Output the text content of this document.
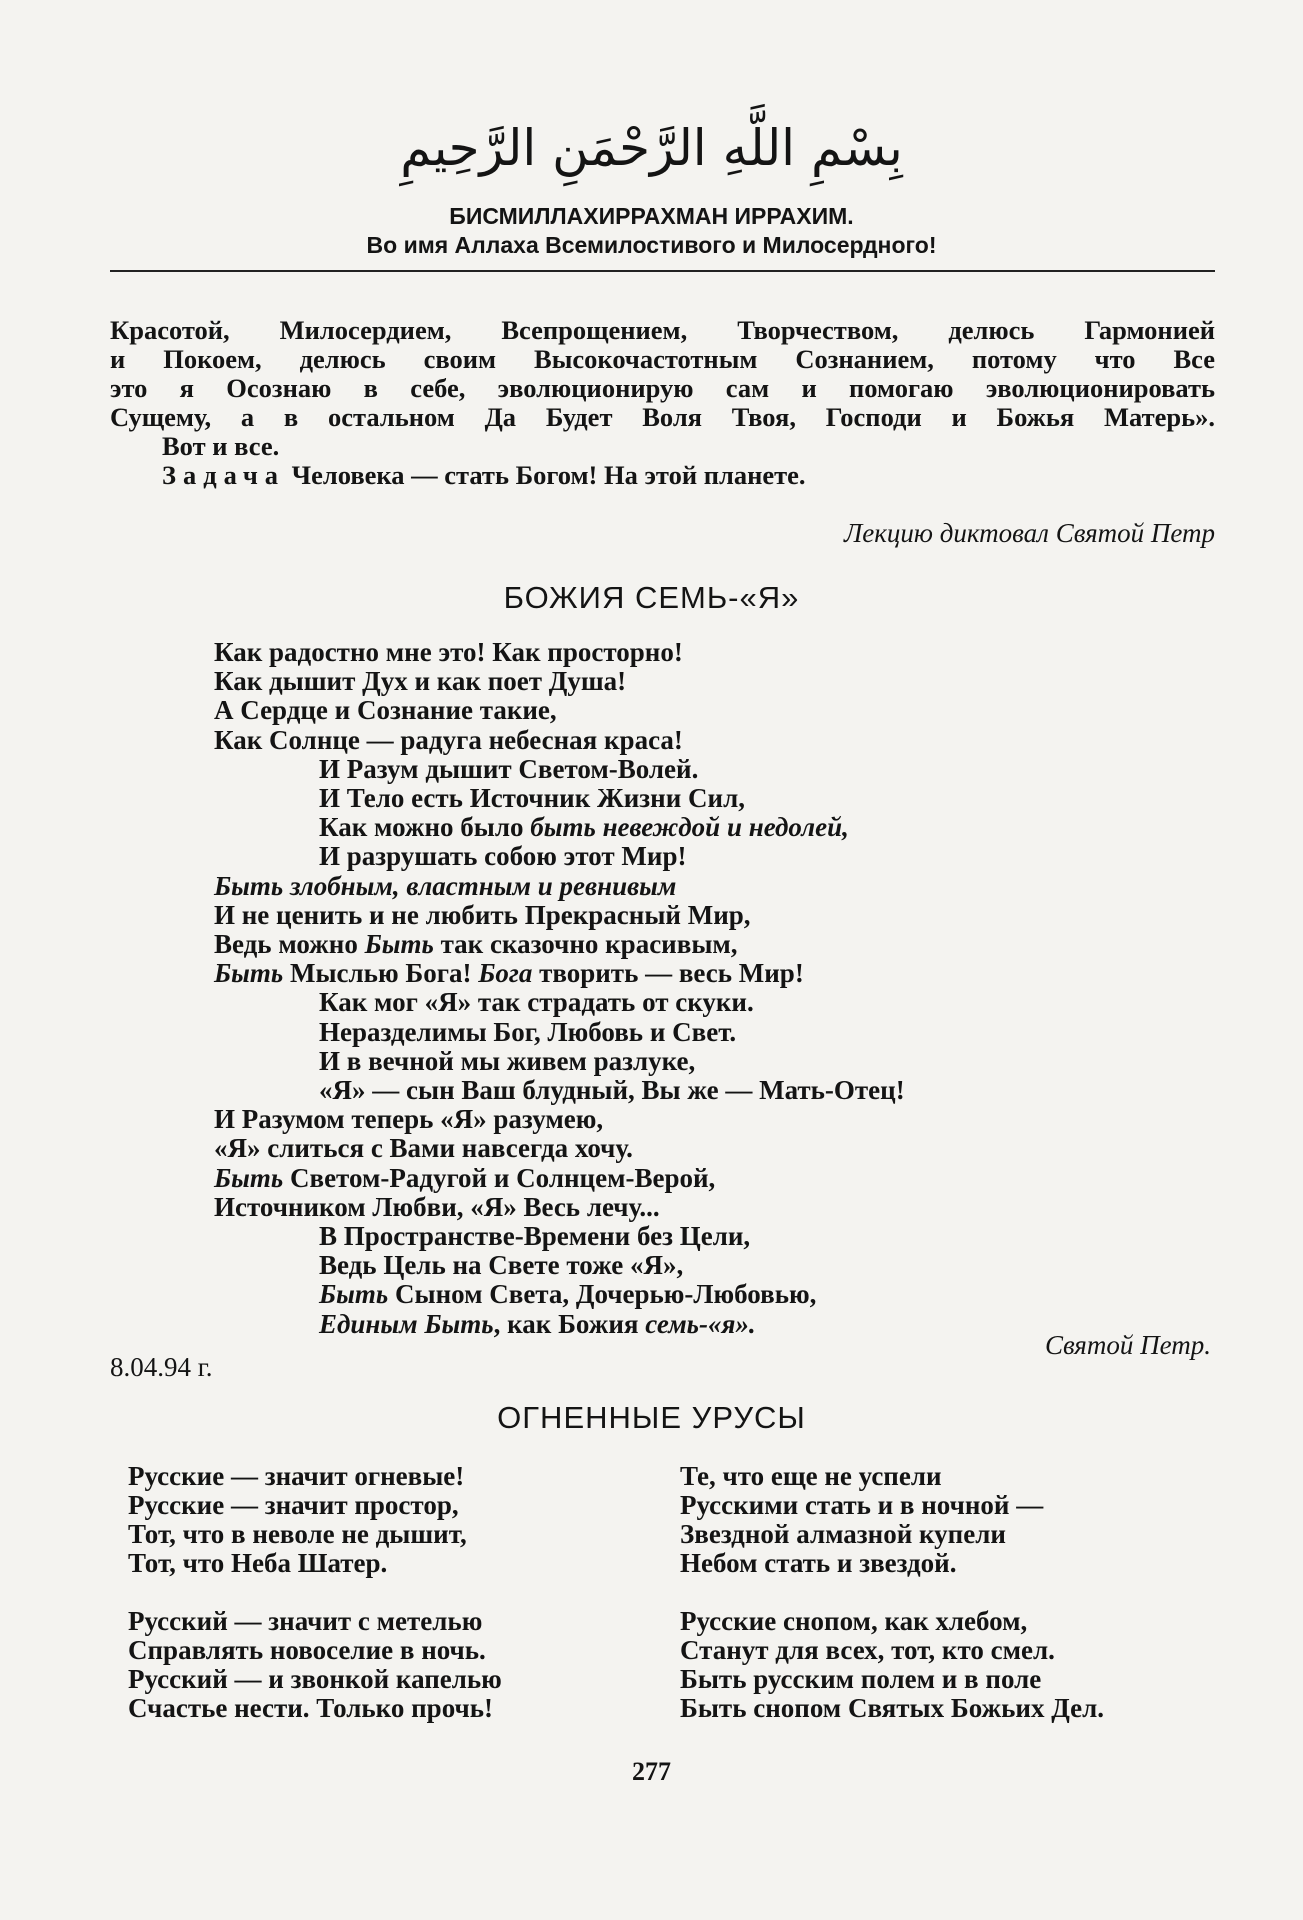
بِسْمِ اللَّهِ الرَّحْمَنِ الرَّحِيمِ
БИСМИЛЛАХИРРАХМАН ИРРАХИМ.
Во имя Аллаха Всемилостивого и Милосердного!
Красотой, Милосердием, Всепрощением, Творчеством, делюсь Гармонией
и Покоем, делюсь своим Высокочастотным Сознанием, потому что Все
это я Осознаю в себе, эволюционирую сам и помогаю эволюционировать
Сущему, а в остальном Да Будет Воля Твоя, Господи и Божья Матерь».
Вот и все.
Задача Человека — стать Богом! На этой планете.
Лекцию диктовал Святой Петр
БОЖИЯ СЕМЬ-«Я»
Как радостно мне это! Как просторно!
Как дышит Дух и как поет Душа!
А Сердце и Сознание такие,
Как Солнце — радуга небесная краса!
И Разум дышит Светом-Волей.
И Тело есть Источник Жизни Сил,
Как можно было быть невеждой и недолей,
И разрушать собою этот Мир!
Быть злобным, властным и ревнивым
И не ценить и не любить Прекрасный Мир,
Ведь можно Быть так сказочно красивым,
Быть Мыслью Бога! Бога творить — весь Мир!
Как мог «Я» так страдать от скуки.
Неразделимы Бог, Любовь и Свет.
И в вечной мы живем разлуке,
«Я» — сын Ваш блудный, Вы же — Мать-Отец!
И Разумом теперь «Я» разумею,
«Я» слиться с Вами навсегда хочу.
Быть Светом-Радугой и Солнцем-Верой,
Источником Любви, «Я» Весь лечу...
В Пространстве-Времени без Цели,
Ведь Цель на Свете тоже «Я»,
Быть Сыном Света, Дочерью-Любовью,
Единым Быть, как Божия семь-«я».
Святой Петр.
8.04.94 г.
ОГНЕННЫЕ УРУСЫ
Русские — значит огневые!
Русские — значит простор,
Тот, что в неволе не дышит,
Тот, что Неба Шатер.
Русский — значит с метелью
Справлять новоселие в ночь.
Русский — и звонкой капелью
Счастье нести. Только прочь!
Те, что еще не успели
Русскими стать и в ночной —
Звездной алмазной купели
Небом стать и звездой.
Русские снопом, как хлебом,
Станут для всех, тот, кто смел.
Быть русским полем и в поле
Быть снопом Святых Божьих Дел.
277
